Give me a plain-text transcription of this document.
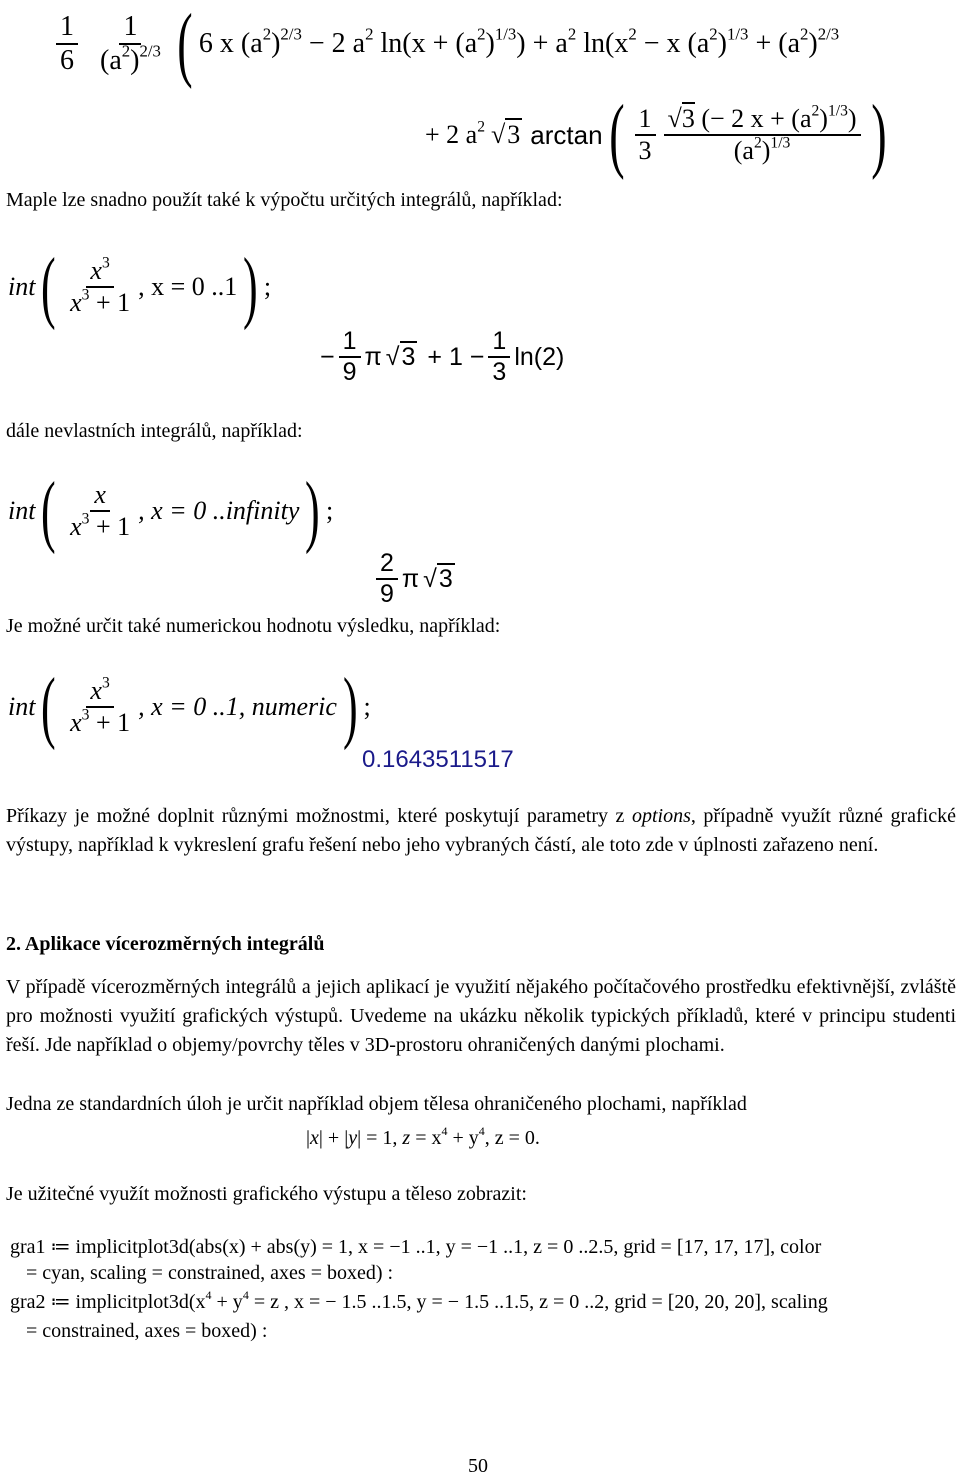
$\frac{1}{6} \frac{1}{(a^2)^{2/3}}$ ( 6 x $(a^2)^{2/3} - 2$ $a^2$ $\ln(x + (a^2)^{1/3}) + a^2$ $\ln(x^2 - x$ $(a^2)^{1/3} + (a^2)^{2/3}$
+ 2 $a^2$ √3 arctan ( $\frac{1}{3} \frac{√3 (- 2 x + (a^2)^{1/3})}{(a^2)^{1/3}}$ )
Maple lze snadno použít také k výpočtu určitých integrálů, například:
int ( $\frac{x^3}{x^3 + 1}$ , x = 0 ..1 ) ;
− $\frac{1}{9}$ π $√3 + 1 - \frac{1}{3} \ln(2)$
dále nevlastních integrálů, například:
int ( $\frac{x}{x^3 + 1}$ , x = 0 ..infinity ) ;
$\frac{2}{9}$ π √3
Je možné určit také numerickou hodnotu výsledku, například:
int ( $\frac{x^3}{x^3 + 1}$ , x = 0 ..1, numeric ) ;
0.1643511517
Příkazy je možné doplnit různými možnostmi, které poskytují parametry z options, případně využít různé grafické výstupy, například k vykreslení grafu řešení nebo jeho vybraných částí, ale toto zde v úplnosti zařazeno není.
2. Aplikace vícerozměrných integrálů
V případě vícerozměrných integrálů a jejich aplikací je využití nějakého počítačového prostředku efektivnější, zvláště pro možnosti využití grafických výstupů. Uvedeme na ukázku několik typických příkladů, které v principu studenti řeší. Jde například o objemy/povrchy těles v 3D-prostoru ohraničených danými plochami.
Jedna ze standardních úloh je určit například objem tělesa ohraničeného plochami, například
|x| + |y| = 1, $z = x^4 + y^4$, z = 0.
Je užitečné využít možnosti grafického výstupu a těleso zobrazit:
gra1 ≔ implicitplot3d(abs(x) + abs(y) = 1, x = −1 ..1, y = −1 ..1, z = 0 ..2.5, grid = [17, 17, 17], color
= cyan, scaling = constrained, axes = boxed) :
gra2 ≔ $implicitplot3d(x^4 + y^4 = z$ , x = − 1.5 ..1.5, y = − 1.5 ..1.5, z = 0 ..2, grid = [20, 20, 20], scaling
= constrained, axes = boxed) :
50
